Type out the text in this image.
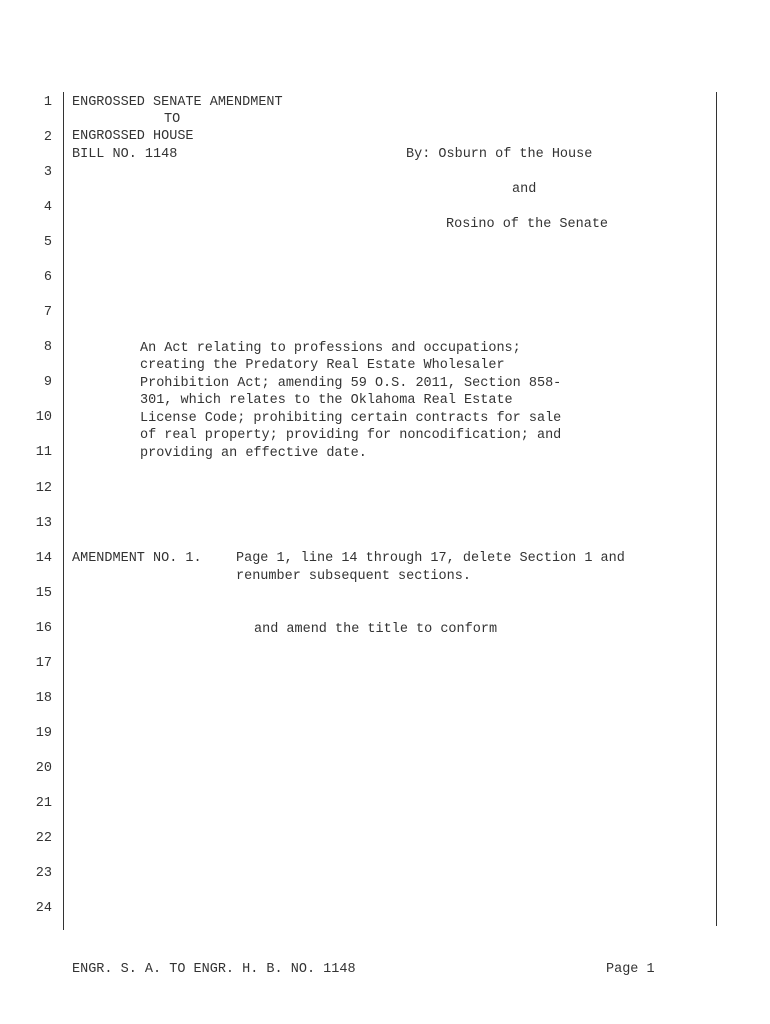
1
2
3
4
5
6
7
8
9
10
11
12
13
14
15
16
17
18
19
20
21
22
23
24
ENGROSSED SENATE AMENDMENT
TO
ENGROSSED HOUSE
BILL NO. 1148	By: Osburn of the House
and
Rosino of the Senate
An Act relating to professions and occupations;
creating the Predatory Real Estate Wholesaler
Prohibition Act; amending 59 O.S. 2011, Section 858-
301, which relates to the Oklahoma Real Estate
License Code; prohibiting certain contracts for sale
of real property; providing for noncodification; and
providing an effective date.
AMENDMENT NO. 1.	Page 1, line 14 through 17, delete Section 1 and
renumber subsequent sections.
and amend the title to conform
ENGR. S. A. TO ENGR. H. B. NO. 1148	Page 1
